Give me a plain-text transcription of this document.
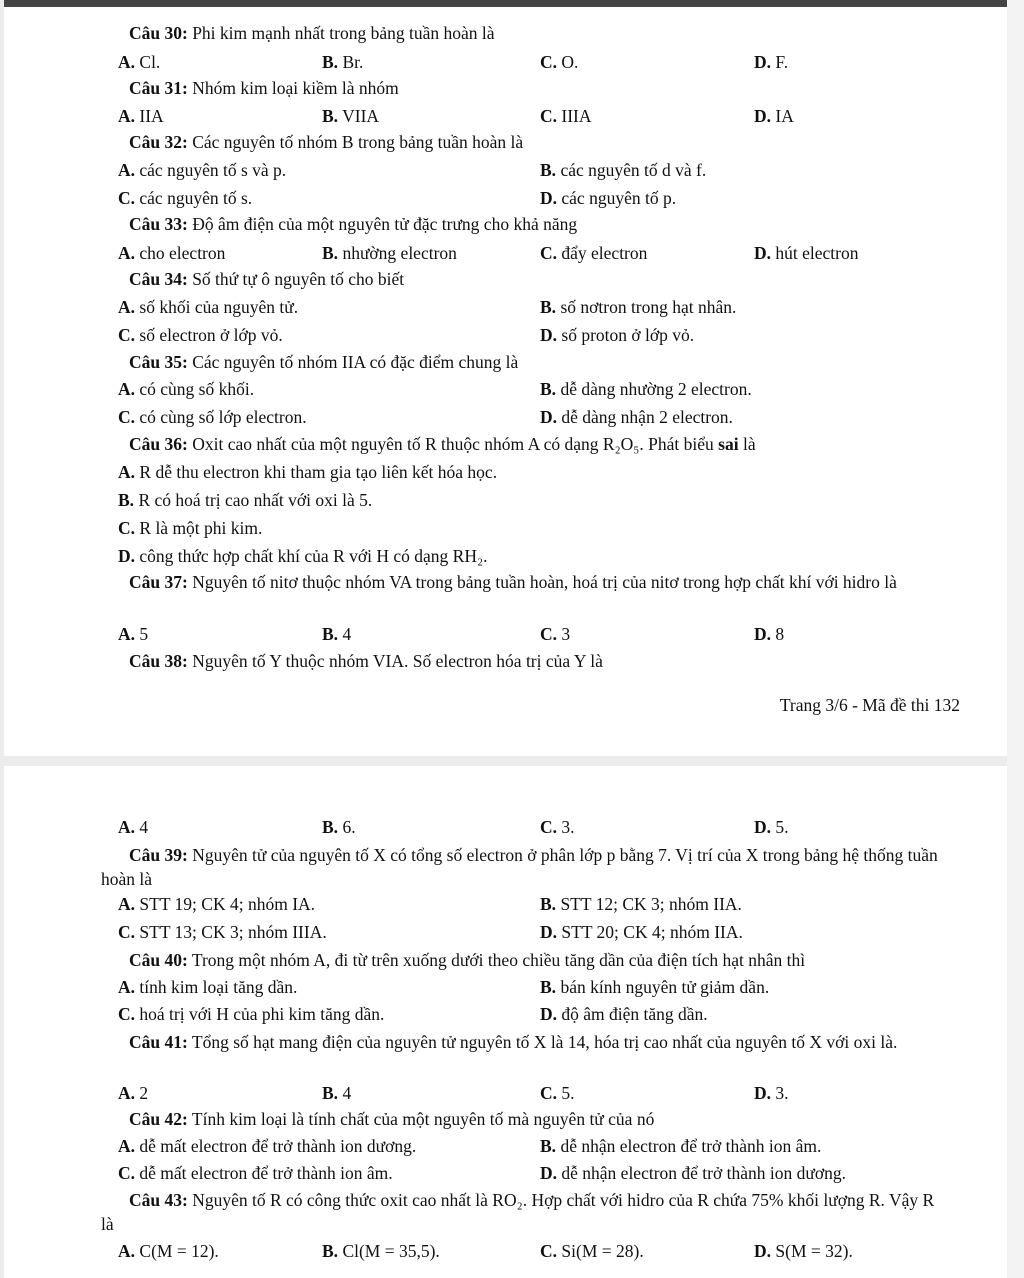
Câu 30: Phi kim mạnh nhất trong bảng tuần hoàn là
A. Cl.	B. Br.	C. O.	D. F.
Câu 31: Nhóm kim loại kiềm là nhóm
A. IIA	B. VIIA	C. IIIA	D. IA
Câu 32: Các nguyên tố nhóm B trong bảng tuần hoàn là
A. các nguyên tố s và p.	B. các nguyên tố d và f.
C. các nguyên tố s.	D. các nguyên tố p.
Câu 33: Độ âm điện của một nguyên tử đặc trưng cho khả năng
A. cho electron	B. nhường electron	C. đẩy electron	D. hút electron
Câu 34: Số thứ tự ô nguyên tố cho biết
A. số khối của nguyên tử.	B. số nơtron trong hạt nhân.
C. số electron ở lớp vỏ.	D. số proton ở lớp vỏ.
Câu 35: Các nguyên tố nhóm IIA có đặc điểm chung là
A. có cùng số khối.	B. dễ dàng nhường 2 electron.
C. có cùng số lớp electron.	D. dễ dàng nhận 2 electron.
Câu 36: Oxit cao nhất của một nguyên tố R thuộc nhóm A có dạng R₂O₅. Phát biểu sai là
A. R dễ thu electron khi tham gia tạo liên kết hóa học.
B. R có hoá trị cao nhất với oxi là 5.
C. R là một phi kim.
D. công thức hợp chất khí của R với H có dạng RH₂.
Câu 37: Nguyên tố nitơ thuộc nhóm VA trong bảng tuần hoàn, hoá trị của nitơ trong hợp chất khí với hidro là
A. 5	B. 4	C. 3	D. 8
Câu 38: Nguyên tố Y thuộc nhóm VIA. Số electron hóa trị của Y là
Trang 3/6 - Mã đề thi 132
A. 4	B. 6.	C. 3.	D. 5.
Câu 39: Nguyên tử của nguyên tố X có tổng số electron ở phân lớp p bằng 7. Vị trí của X trong bảng hệ thống tuần hoàn là
A. STT 19; CK 4; nhóm IA.	B. STT 12; CK 3; nhóm IIA.
C. STT 13; CK 3; nhóm IIIA.	D. STT 20; CK 4; nhóm IIA.
Câu 40: Trong một nhóm A, đi từ trên xuống dưới theo chiều tăng dần của điện tích hạt nhân thì
A. tính kim loại tăng dần.	B. bán kính nguyên tử giảm dần.
C. hoá trị với H của phi kim tăng dần.	D. độ âm điện tăng dần.
Câu 41: Tổng số hạt mang điện của nguyên tử nguyên tố X là 14, hóa trị cao nhất của nguyên tố X với oxi là.
A. 2	B. 4	C. 5.	D. 3.
Câu 42: Tính kim loại là tính chất của một nguyên tố mà nguyên tử của nó
A. dễ mất electron để trở thành ion dương.	B. dễ nhận electron để trở thành ion âm.
C. dễ mất electron để trở thành ion âm.	D. dễ nhận electron để trở thành ion dương.
Câu 43: Nguyên tố R có công thức oxit cao nhất là RO₂. Hợp chất với hidro của R chứa 75% khối lượng R. Vậy R là
A. C(M = 12).	B. Cl(M = 35,5).	C. Si(M = 28).	D. S(M = 32).
